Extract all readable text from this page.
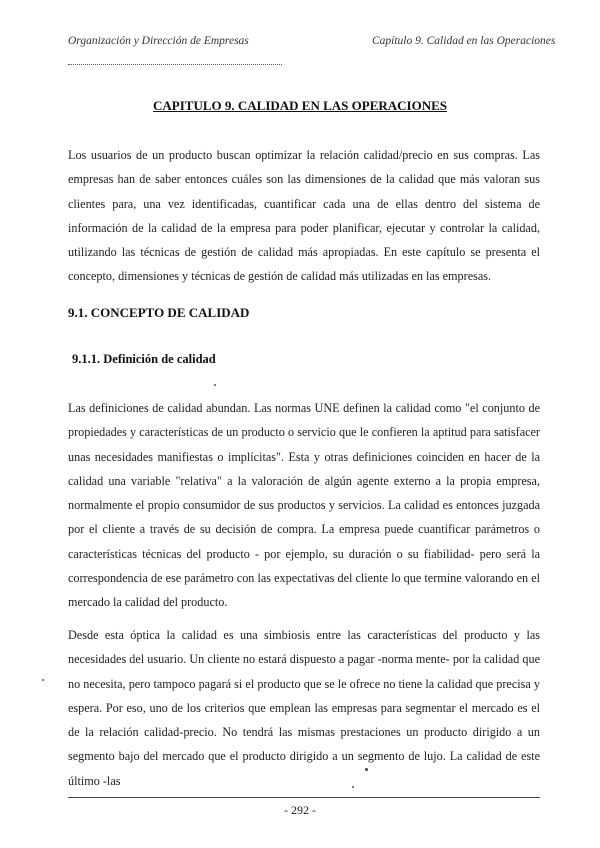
Organización y Dirección de Empresas	Capítulo 9. Calidad en las Operaciones
CAPITULO 9. CALIDAD EN LAS OPERACIONES

Los usuarios de un producto buscan optimizar la relación calidad/precio en sus compras. Las empresas han de saber entonces cuáles son las dimensiones de la calidad que más valoran sus clientes para, una vez identificadas, cuantificar cada una de ellas dentro del sistema de información de la calidad de la empresa para poder planificar, ejecutar y controlar la calidad, utilizando las técnicas de gestión de calidad más apropiadas. En este capítulo se presenta el concepto, dimensiones y técnicas de gestión de calidad más utilizadas en las empresas.

9.1. CONCEPTO DE CALIDAD
9.1.1. Definición de calidad

Las definiciones de calidad abundan. Las normas UNE definen la calidad como "el conjunto de propiedades y características de un producto o servicio que le confieren la aptitud para satisfacer unas necesidades manifiestas o implícitas". Esta y otras definiciones coinciden en hacer de la calidad una variable "relativa" a la valoración de algún agente externo a la propia empresa, normalmente el propio consumidor de sus productos y servicios. La calidad es entonces juzgada por el cliente a través de su decisión de compra. La empresa puede cuantificar parámetros o características técnicas del producto - por ejemplo, su duración o su fiabilidad- pero será la correspondencia de ese parámetro con las expectativas del cliente lo que termine valorando en el mercado la calidad del producto.

Desde esta óptica la calidad es una simbiosis entre las características del producto y las necesidades del usuario. Un cliente no estará dispuesto a pagar -norma mente- por la calidad que no necesita, pero tampoco pagará si el producto que se le ofrece no tiene la calidad que precisa y espera. Por eso, uno de los criterios que emplean las empresas para segmentar el mercado es el de la relación calidad-precio. No tendrá las mismas prestaciones un producto dirigido a un segmento bajo del mercado que el producto dirigido a un segmento de lujo. La calidad de este último -las

- 292 -
